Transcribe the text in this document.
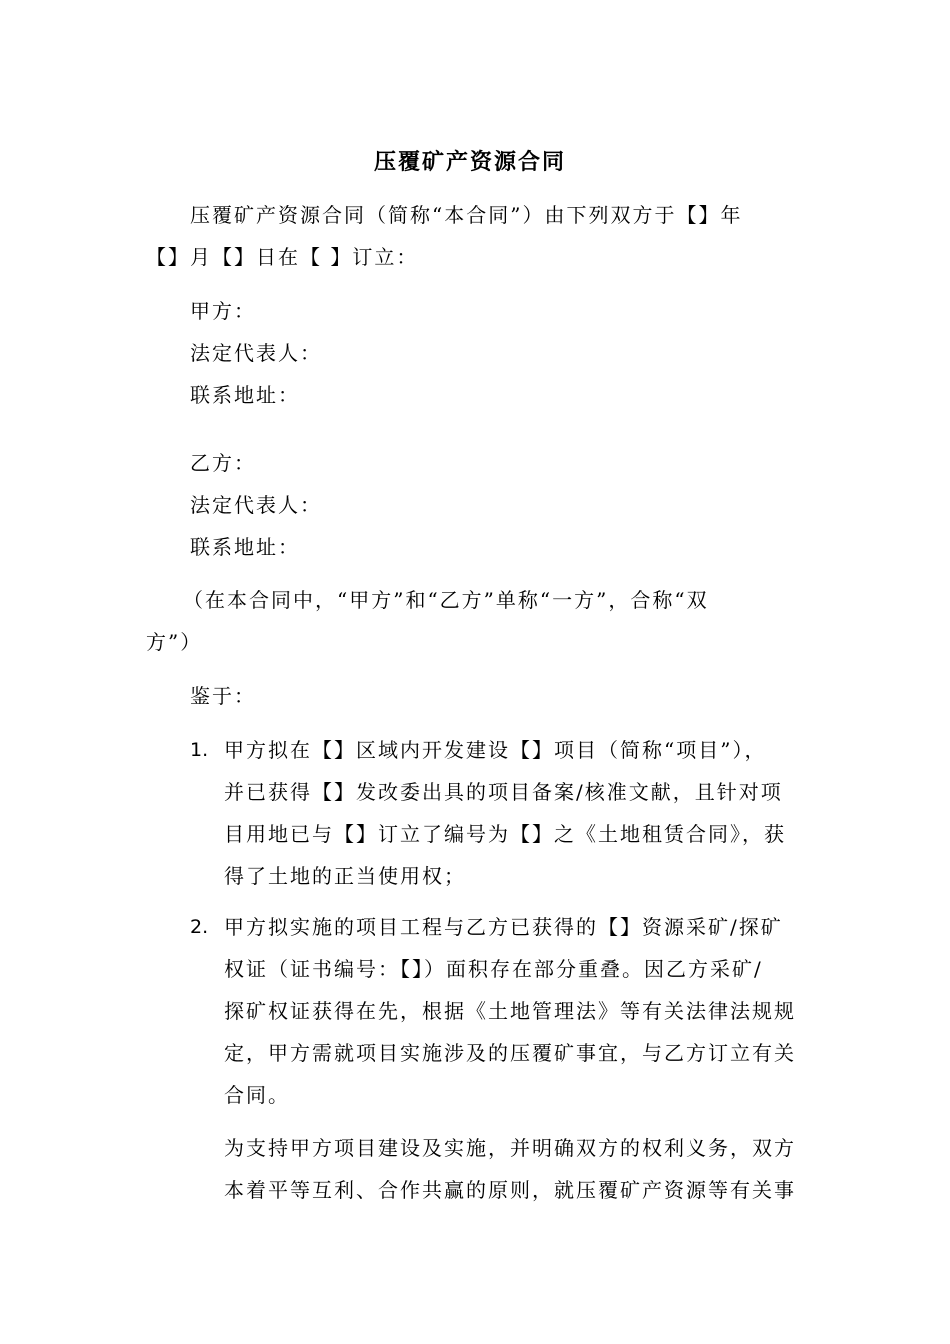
压覆矿产资源合同

压覆矿产资源合同（简称“本合同”）由下列双方于【】年

【】月【】日在【 】订立：

甲方：

法定代表人：

联系地址：

乙方：

法定代表人：

联系地址：

（在本合同中，“甲方”和“乙方”单称“一方”，合称“双

方”）

鉴于：

1. 甲方拟在【】区域内开发建设【】项目（简称“项目”），

并已获得【】发改委出具的项目备案/核准文献，且针对项

目用地已与【】订立了编号为【】之《土地租赁合同》，获

得了土地的正当使用权；

2. 甲方拟实施的项目工程与乙方已获得的【】资源采矿/探矿

权证（证书编号：【】）面积存在部分重叠。因乙方采矿/

探矿权证获得在先，根据《土地管理法》等有关法律法规规

定，甲方需就项目实施涉及的压覆矿事宜，与乙方订立有关

合同。

为支持甲方项目建设及实施，并明确双方的权利义务，双方

本着平等互利、合作共赢的原则，就压覆矿产资源等有关事
